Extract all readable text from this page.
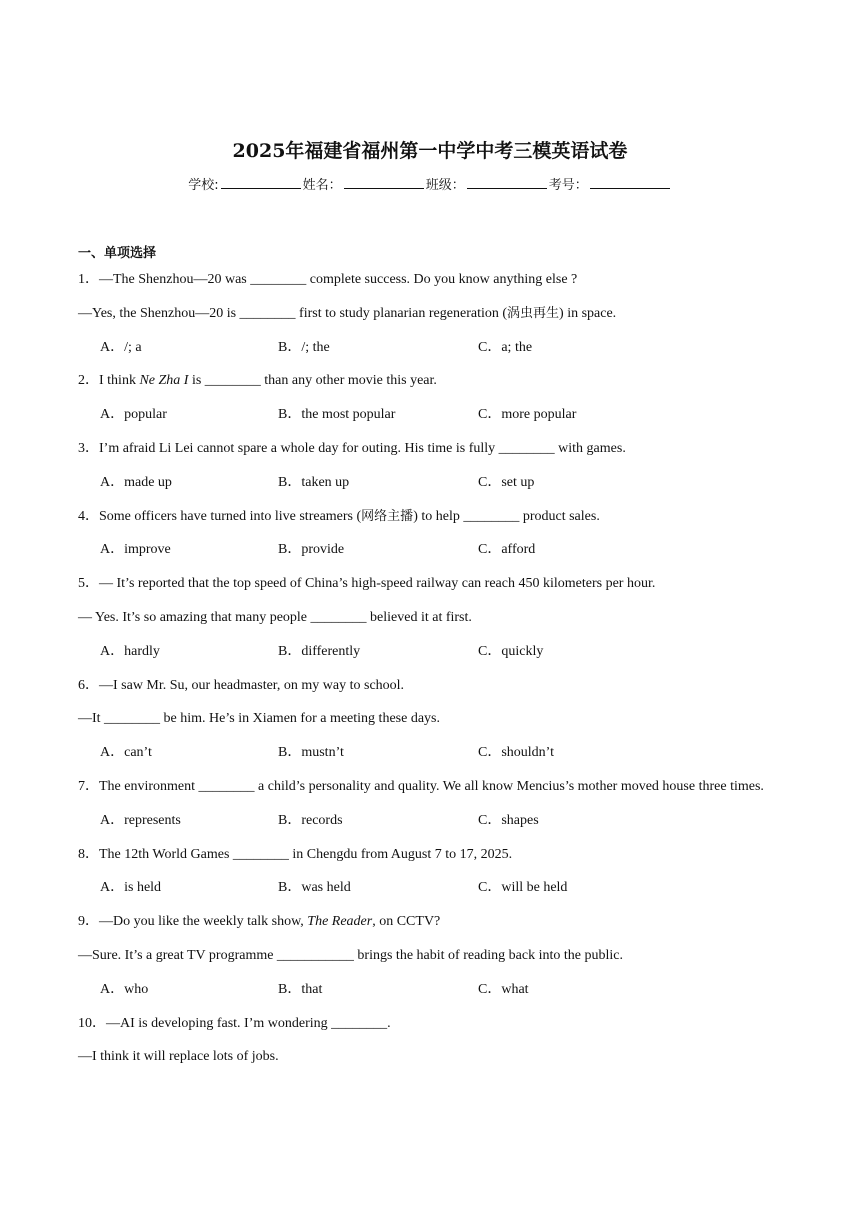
2025年福建省福州第一中学中考三模英语试卷
学校:	姓名：	班级：	考号：
一、单项选择
1．—The Shenzhou—20 was ________ complete success. Do you know anything else ?
—Yes, the Shenzhou—20 is ________ first to study planarian regeneration (涡虫再生) in space.
A．/; a	B．/; the	C．a; the
2．I think Ne Zha I is ________ than any other movie this year.
A．popular	B．the most popular	C．more popular
3．I’m afraid Li Lei cannot spare a whole day for outing. His time is fully ________ with games.
A．made up	B．taken up	C．set up
4．Some officers have turned into live streamers (网络主播) to help ________ product sales.
A．improve	B．provide	C．afford
5．— It’s reported that the top speed of China’s high-speed railway can reach 450 kilometers per hour.
— Yes. It’s so amazing that many people ________ believed it at first.
A．hardly	B．differently	C．quickly
6．—I saw Mr. Su, our headmaster, on my way to school.
—It ________ be him. He’s in Xiamen for a meeting these days.
A．can’t	B．mustn’t	C．shouldn’t
7．The environment ________ a child’s personality and quality. We all know Mencius’s mother moved house three times.
A．represents	B．records	C．shapes
8．The 12th World Games ________ in Chengdu from August 7 to 17, 2025.
A．is held	B．was held	C．will be held
9．—Do you like the weekly talk show, The Reader, on CCTV?
—Sure. It’s a great TV programme ___________ brings the habit of reading back into the public.
A．who	B．that	C．what
10．—AI is developing fast. I’m wondering ________.
—I think it will replace lots of jobs.
